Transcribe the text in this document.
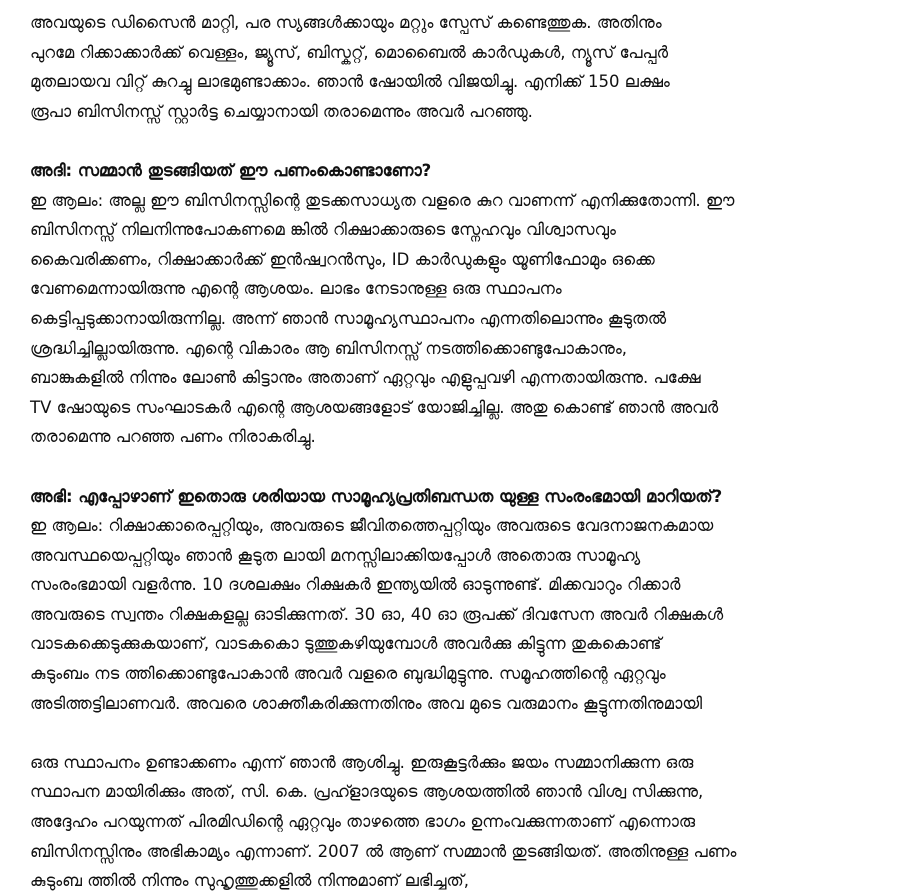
അവയുടെ ഡിസൈൻ മാറ്റി, പര സ്യങ്ങൾക്കായും മറ്റും സ്പേസ് കണ്ടെത്തുക. അതിനും
പുറമേ റിക്കാക്കാർക്ക് വെള്ളം, ജ്യൂസ്, ബിസ്കറ്റ്, മൊബൈൽ കാർഡുകൾ, ന്യൂസ് പേപ്പർ
മുതലായവ വിറ്റ് കുറച്ചു ലാഭമുണ്ടാക്കാം. ഞാൻ ഷോയിൽ വിജയിച്ചു. എനിക്ക് 150 ലക്ഷം
രൂപാ ബിസിനസ്സ് സ്റ്റാർട്ട ചെയ്യാനായി തരാമെന്നും അവർ പറഞ്ഞു.
അദി: സമ്മാൻ തുടങ്ങിയത് ഈ പണംകൊണ്ടാണോ?
ഇ ആലം: അല്ല ഈ ബിസിനസ്സിന്റെ തുടക്കസാധ്യത വളരെ കുറ വാണന്ന് എനിക്കുതോന്നി. ഈ
ബിസിനസ്സ് നിലനിന്നുപോകണമെ ങ്കിൽ റിക്ഷാക്കാരുടെ സ്നേഹവും വിശ്വാസവും
കൈവരിക്കണം, റിക്ഷാക്കാർക്ക് ഇൻഷ്വറൻസും, ID കാർഡുകളും യൂണിഫോമും ഒക്കെ
വേണമെന്നായിരുന്നു എന്റെ ആശയം. ലാഭം നേടാനുള്ള ഒരു സ്ഥാപനം
കെട്ടിപ്പടുക്കാനായിരുന്നില്ല. അന്ന് ഞാൻ സാമൂഹ്യസ്ഥാപനം എന്നതിലൊന്നും കൂടുതൽ
ശ്രദ്ധിച്ചില്ലായിരുന്നു. എന്റെ വികാരം ആ ബിസിനസ്സ് നടത്തിക്കൊണ്ടുപോകാനും,
ബാങ്കുകളിൽ നിന്നും ലോൺ കിട്ടാനും അതാണ് ഏറ്റവും എളുപ്പവഴി എന്നതായിരുന്നു. പക്ഷേ
TV ഷോയുടെ സംഘാടകർ എന്റെ ആശയങ്ങളോട് യോജിച്ചില്ല. അതു കൊണ്ട് ഞാൻ അവർ
തരാമെന്നു പറഞ്ഞ പണം നിരാകരിച്ചു.
അഭി: എപ്പോഴാണ് ഇതൊരു ശരിയായ സാമൂഹ്യപ്രതിബന്ധത യുള്ള സംരംഭമായി മാറിയത്?
ഇ ആലം: റിക്ഷാക്കാരെപ്പറ്റിയും, അവരുടെ ജീവിതത്തെപ്പറ്റിയും അവരുടെ വേദനാജനകമായ
അവസ്ഥയെപ്പറ്റിയും ഞാൻ കൂടുത ലായി മനസ്സിലാക്കിയപ്പോൾ അതൊരു സാമൂഹ്യ
സംരംഭമായി വളർന്നു. 10 ദശലക്ഷം റിക്ഷകർ ഇന്ത്യയിൽ ഓടുന്നുണ്ട്. മിക്കവാറും റിക്കാർ
അവരുടെ സ്വന്തം റിക്ഷകളല്ല ഓടിക്കുന്നത്. 30 ഓ, 40 ഓ രൂപക്ക് ദിവസേന അവർ റിക്ഷകൾ
വാടകക്കെടുക്കുകയാണ്, വാടകകൊ ടുത്തുകഴിയുമ്പോൾ അവർക്കു കിട്ടുന്ന തുകകൊണ്ട്
കുടുംബം നട ത്തിക്കൊണ്ടുപോകാൻ അവർ വളരെ ബുദ്ധിമുട്ടുന്നു. സമൂഹത്തിന്റെ ഏറ്റവും
അടിത്തട്ടിലാണവർ. അവരെ ശാക്തീകരിക്കുന്നതിനും അവ മുടെ വരുമാനം കൂട്ടുന്നതിനുമായി
ഒരു സ്ഥാപനം ഉണ്ടാക്കണം എന്ന് ഞാൻ ആശിച്ചു. ഇരുകൂട്ടർക്കും ജയം സമ്മാനിക്കുന്ന ഒരു
സ്ഥാപന മായിരിക്കും അത്, സി. കെ. പ്രഹ്ളാദയുടെ ആശയത്തിൽ ഞാൻ വിശ്വ സിക്കുന്നു,
അദ്ദേഹം പറയുന്നത് പിരമിഡിന്റെ ഏറ്റവും താഴത്തെ ഭാഗം ഉന്നംവക്കുന്നതാണ് എന്നൊരു
ബിസിനസ്സിനും അഭികാമ്യം എന്നാണ്. 2007 ൽ ആണ് സമ്മാൻ തുടങ്ങിയത്. അതിനുള്ള പണം
കുടുംബ ത്തിൽ നിന്നും സുഹൃത്തുക്കളിൽ നിന്നുമാണ് ലഭിച്ചത്,
